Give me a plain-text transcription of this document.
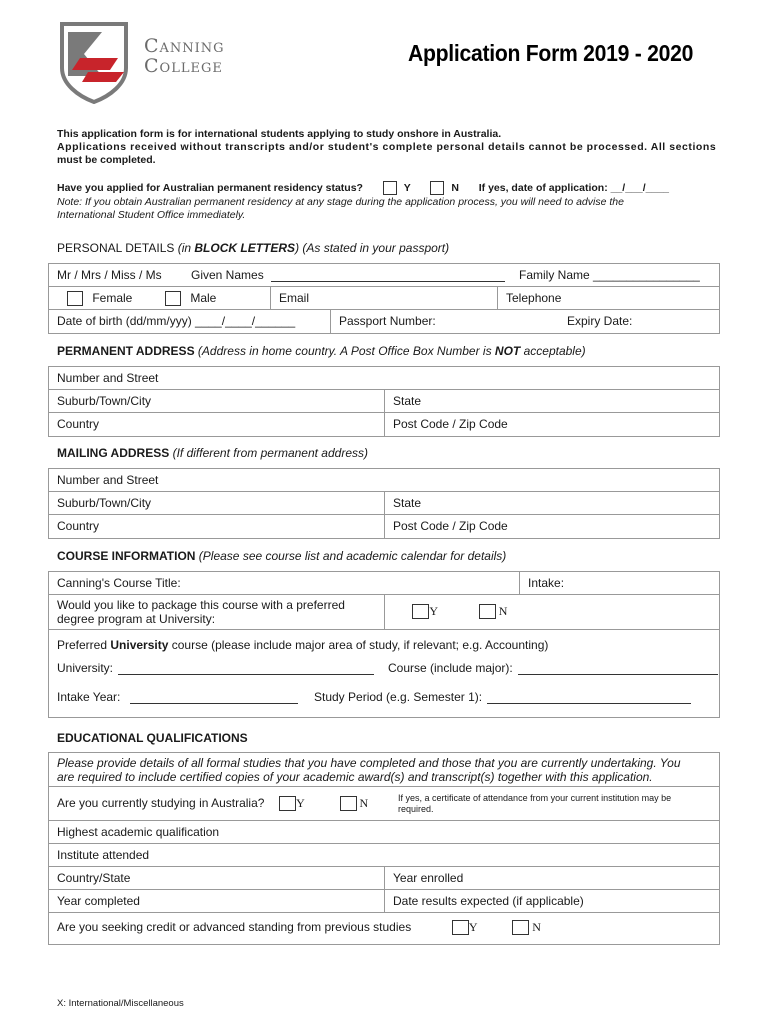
Canning
College	Application Form 2019 - 2020

This application form is for international students applying to study onshore in Australia.

Applications received without transcripts and/or student's complete personal details cannot be processed. All sections

must be completed.

Have you applied for Australian permanent residency status?	Y	N If yes, date of application: __/___/____
Note: If you obtain Australian permanent residency at any stage during the application process, you will need to advise the
International Student Office immediately.
PERSONAL DETAILS (in BLOCK LETTERS) (As stated in your passport)
Mr / Mrs / Miss / Ms	Given Names	Family Name ________________
Female	Male	Email	Telephone
Date of birth (dd/mm/yyy) ____/____/______	Passport Number:	Expiry Date:
PERMANENT ADDRESS (Address in home country. A Post Office Box Number is NOT acceptable)
Number and Street
Suburb/Town/City	State
Country	Post Code / Zip Code
MAILING ADDRESS (If different from permanent address)
Number and Street
Suburb/Town/City	State
Country	Post Code / Zip Code
COURSE INFORMATION (Please see course list and academic calendar for details)
Canning's Course Title:	Intake:
Would you like to package this course with a preferred
degree program at University:
Y	N
Preferred University course (please include major area of study, if relevant; e.g. Accounting)
University:	Course (include major):
Intake Year:	Study Period (e.g. Semester 1):
EDUCATIONAL QUALIFICATIONS
Please provide details of all formal studies that you have completed and those that you are currently undertaking. You
are required to include certified copies of your academic award(s) and transcript(s) together with this application.
Are you currently studying in Australia?	Y	N	If yes, a certificate of attendance from your current institution may be required.
Highest academic qualification
Institute attended
Country/State	Year enrolled
Year completed	Date results expected (if applicable)
Are you seeking credit or advanced standing from previous studies	Y	N
X: International/Miscellaneous
